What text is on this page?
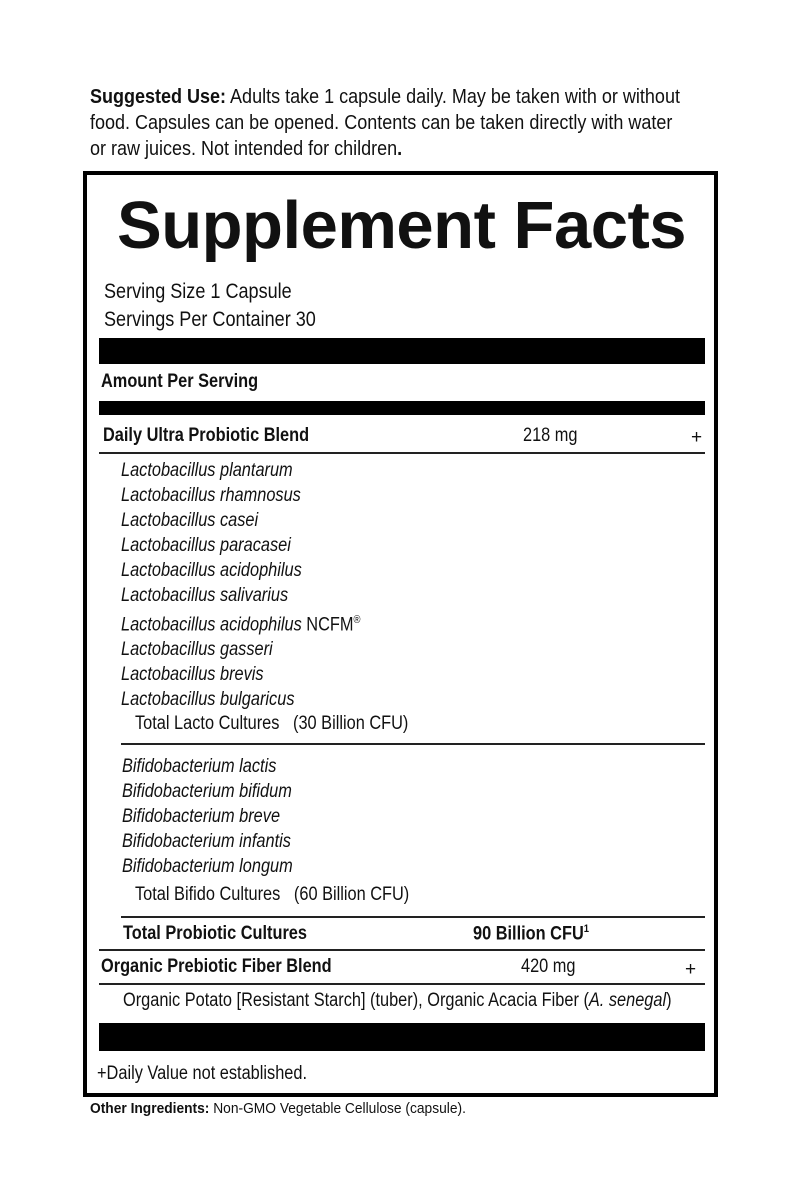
Suggested Use: Adults take 1 capsule daily. May be taken with or without
food. Capsules can be opened. Contents can be taken directly with water
or raw juices. Not intended for children.
Supplement Facts
Serving Size 1 Capsule
Servings Per Container 30
Amount Per Serving
Daily Ultra Probiotic Blend	218 mg	+
Lactobacillus plantarum
Lactobacillus rhamnosus
Lactobacillus casei
Lactobacillus paracasei
Lactobacillus acidophilus
Lactobacillus salivarius
Lactobacillus acidophilus NCFM®
Lactobacillus gasseri
Lactobacillus brevis
Lactobacillus bulgaricus
Total Lacto Cultures   (30 Billion CFU)
Bifidobacterium lactis
Bifidobacterium bifidum
Bifidobacterium breve
Bifidobacterium infantis
Bifidobacterium longum
Total Bifido Cultures   (60 Billion CFU)
Total Probiotic Cultures	90 Billion CFU$^1$
Organic Prebiotic Fiber Blend	420 mg	+
Organic Potato [Resistant Starch] (tuber), Organic Acacia Fiber (A. senegal)
+Daily Value not established.
Other Ingredients: Non-GMO Vegetable Cellulose (capsule).
